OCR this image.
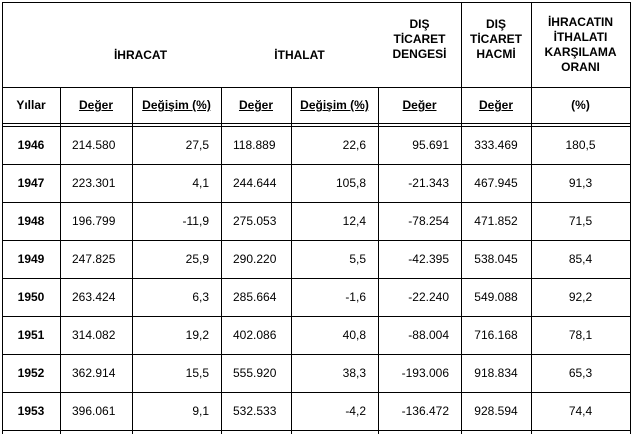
İHRACAT	İTHALAT
DIŞ
TİCARET
DENGESİ
DIŞ
TİCARET
HACMİ
İHRACATIN
İTHALATI
KARŞILAMA
ORANI
Yıllar	Değer	Değişim (%)	Değer	Değişim (%)	Değer	Değer	(%)
1946	214.580	27,5	118.889	22,6	95.691	333.469	180,5
1947	223.301	4,1	244.644	105,8	-21.343	467.945	91,3
1948	196.799	-11,9	275.053	12,4	-78.254	471.852	71,5
1949	247.825	25,9	290.220	5,5	-42.395	538.045	85,4
1950	263.424	6,3	285.664	-1,6	-22.240	549.088	92,2
1951	314.082	19,2	402.086	40,8	-88.004	716.168	78,1
1952	362.914	15,5	555.920	38,3	-193.006	918.834	65,3
1953	396.061	9,1	532.533	-4,2	-136.472	928.594	74,4
